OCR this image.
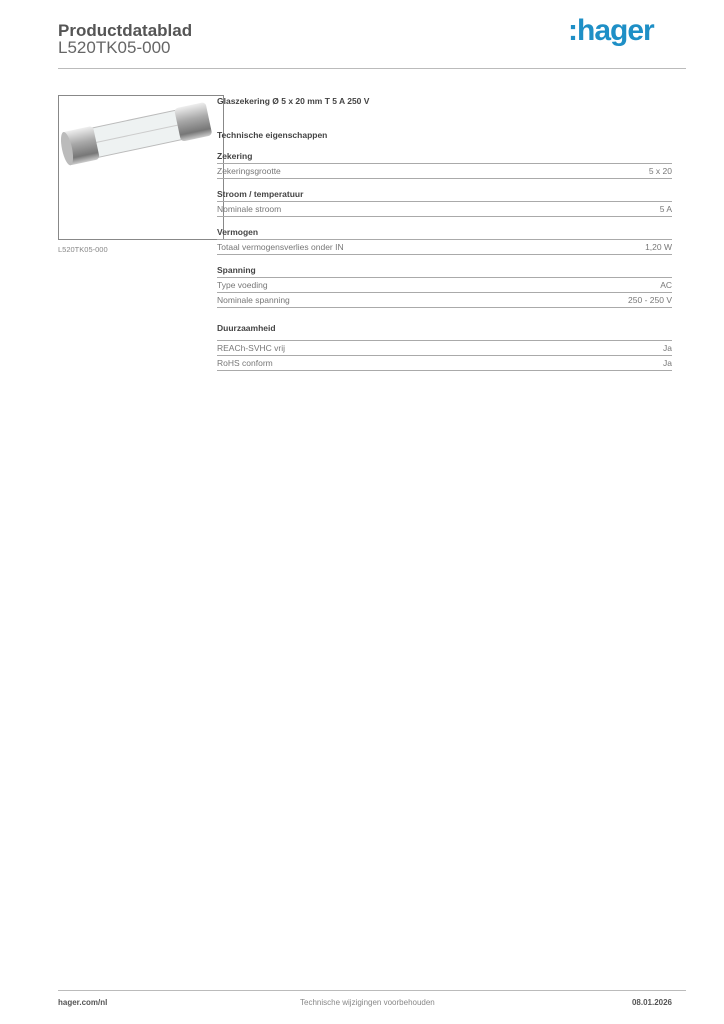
Productdatablad
L520TK05-000
:hager
L520TK05-000
Glaszekering Ø 5 x 20 mm T 5 A 250 V
Technische eigenschappen
Zekering
Zekeringsgrootte	5 x 20
Stroom / temperatuur
Nominale stroom	5 A
Vermogen
Totaal vermogensverlies onder IN	1,20 W
Spanning
Type voeding	AC
Nominale spanning	250 - 250 V
Duurzaamheid
REACh-SVHC vrij	Ja
RoHS conform	Ja
hager.com/nl	Technische wijzigingen voorbehouden	08.01.2026
